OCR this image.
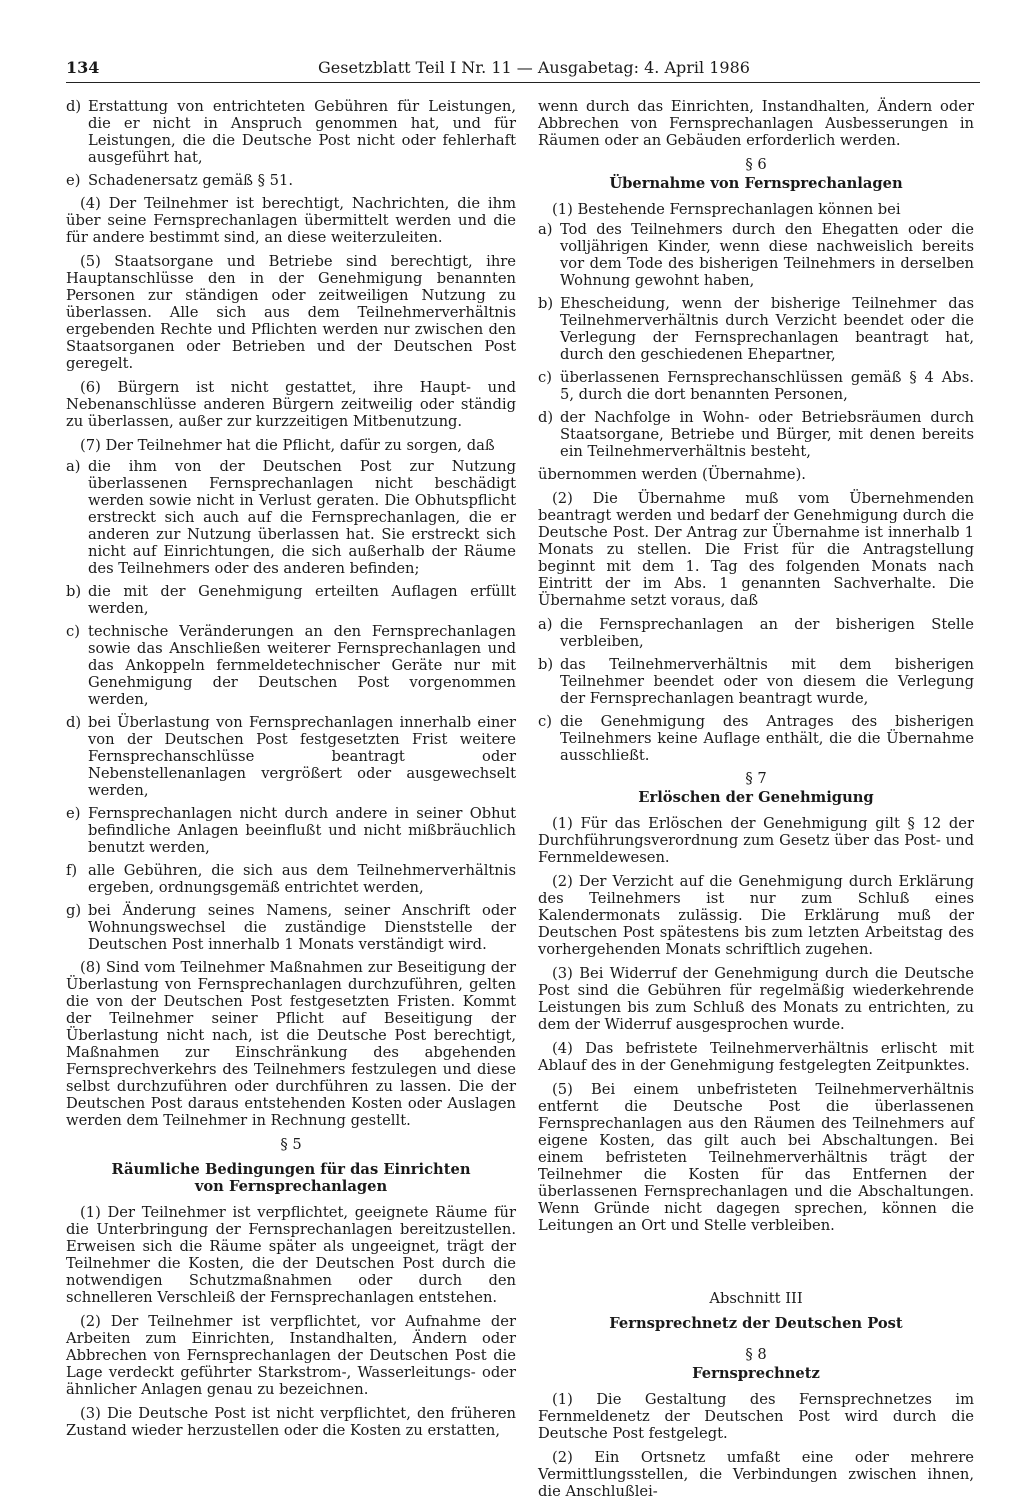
134	Gesetzblatt Teil I Nr. 11 — Ausgabetag: 4. April 1986

d) Erstattung von entrichteten Gebühren für Leistungen, die er nicht in Anspruch genommen hat, und für Leistungen, die die Deutsche Post nicht oder fehlerhaft ausgeführt hat,

e) Schadenersatz gemäß § 51.

(4) Der Teilnehmer ist berechtigt, Nachrichten, die ihm über seine Fernsprechanlagen übermittelt werden und die für andere bestimmt sind, an diese weiterzuleiten.

(5) Staatsorgane und Betriebe sind berechtigt, ihre Hauptanschlüsse den in der Genehmigung benannten Personen zur ständigen oder zeitweiligen Nutzung zu überlassen. Alle sich aus dem Teilnehmerverhältnis ergebenden Rechte und Pflichten werden nur zwischen den Staatsorganen oder Betrieben und der Deutschen Post geregelt.

(6) Bürgern ist nicht gestattet, ihre Haupt- und Nebenanschlüsse anderen Bürgern zeitweilig oder ständig zu überlassen, außer zur kurzzeitigen Mitbenutzung.

(7) Der Teilnehmer hat die Pflicht, dafür zu sorgen, daß

a) die ihm von der Deutschen Post zur Nutzung überlassenen Fernsprechanlagen nicht beschädigt werden sowie nicht in Verlust geraten. Die Obhutspflicht erstreckt sich auch auf die Fernsprechanlagen, die er anderen zur Nutzung überlassen hat. Sie erstreckt sich nicht auf Einrichtungen, die sich außerhalb der Räume des Teilnehmers oder des anderen befinden;

b) die mit der Genehmigung erteilten Auflagen erfüllt werden,

c) technische Veränderungen an den Fernsprechanlagen sowie das Anschließen weiterer Fernsprechanlagen und das Ankoppeln fernmeldetechnischer Geräte nur mit Genehmigung der Deutschen Post vorgenommen werden,

d) bei Überlastung von Fernsprechanlagen innerhalb einer von der Deutschen Post festgesetzten Frist weitere Fernsprechanschlüsse beantragt oder Nebenstellenanlagen vergrößert oder ausgewechselt werden,

e) Fernsprechanlagen nicht durch andere in seiner Obhut befindliche Anlagen beeinflußt und nicht mißbräuchlich benutzt werden,

f) alle Gebühren, die sich aus dem Teilnehmerverhältnis ergeben, ordnungsgemäß entrichtet werden,

g) bei Änderung seines Namens, seiner Anschrift oder Wohnungswechsel die zuständige Dienststelle der Deutschen Post innerhalb 1 Monats verständigt wird.

(8) Sind vom Teilnehmer Maßnahmen zur Beseitigung der Überlastung von Fernsprechanlagen durchzuführen, gelten die von der Deutschen Post festgesetzten Fristen. Kommt der Teilnehmer seiner Pflicht auf Beseitigung der Überlastung nicht nach, ist die Deutsche Post berechtigt, Maßnahmen zur Einschränkung des abgehenden Fernsprechverkehrs des Teilnehmers festzulegen und diese selbst durchzuführen oder durchführen zu lassen. Die der Deutschen Post daraus entstehenden Kosten oder Auslagen werden dem Teilnehmer in Rechnung gestellt.

§ 5

Räumliche Bedingungen für das Einrichten
von Fernsprechanlagen

(1) Der Teilnehmer ist verpflichtet, geeignete Räume für die Unterbringung der Fernsprechanlagen bereitzustellen. Erweisen sich die Räume später als ungeeignet, trägt der Teilnehmer die Kosten, die der Deutschen Post durch die notwendigen Schutzmaßnahmen oder durch den schnelleren Verschleiß der Fernsprechanlagen entstehen.

(2) Der Teilnehmer ist verpflichtet, vor Aufnahme der Arbeiten zum Einrichten, Instandhalten, Ändern oder Abbrechen von Fernsprechanlagen der Deutschen Post die Lage verdeckt geführter Starkstrom-, Wasserleitungs- oder ähnlicher Anlagen genau zu bezeichnen.

(3) Die Deutsche Post ist nicht verpflichtet, den früheren Zustand wieder herzustellen oder die Kosten zu erstatten,

wenn durch das Einrichten, Instandhalten, Ändern oder Abbrechen von Fernsprechanlagen Ausbesserungen in Räumen oder an Gebäuden erforderlich werden.

§ 6

Übernahme von Fernsprechanlagen

(1) Bestehende Fernsprechanlagen können bei

a) Tod des Teilnehmers durch den Ehegatten oder die volljährigen Kinder, wenn diese nachweislich bereits vor dem Tode des bisherigen Teilnehmers in derselben Wohnung gewohnt haben,

b) Ehescheidung, wenn der bisherige Teilnehmer das Teilnehmerverhältnis durch Verzicht beendet oder die Verlegung der Fernsprechanlagen beantragt hat, durch den geschiedenen Ehepartner,

c) überlassenen Fernsprechanschlüssen gemäß § 4 Abs. 5, durch die dort benannten Personen,

d) der Nachfolge in Wohn- oder Betriebsräumen durch Staatsorgane, Betriebe und Bürger, mit denen bereits ein Teilnehmerverhältnis besteht,

übernommen werden (Übernahme).

(2) Die Übernahme muß vom Übernehmenden beantragt werden und bedarf der Genehmigung durch die Deutsche Post. Der Antrag zur Übernahme ist innerhalb 1 Monats zu stellen. Die Frist für die Antragstellung beginnt mit dem 1. Tag des folgenden Monats nach Eintritt der im Abs. 1 genannten Sachverhalte. Die Übernahme setzt voraus, daß

a) die Fernsprechanlagen an der bisherigen Stelle verbleiben,

b) das Teilnehmerverhältnis mit dem bisherigen Teilnehmer beendet oder von diesem die Verlegung der Fernsprechanlagen beantragt wurde,

c) die Genehmigung des Antrages des bisherigen Teilnehmers keine Auflage enthält, die die Übernahme ausschließt.

§ 7

Erlöschen der Genehmigung

(1) Für das Erlöschen der Genehmigung gilt § 12 der Durchführungsverordnung zum Gesetz über das Post- und Fernmeldewesen.

(2) Der Verzicht auf die Genehmigung durch Erklärung des Teilnehmers ist nur zum Schluß eines Kalendermonats zulässig. Die Erklärung muß der Deutschen Post spätestens bis zum letzten Arbeitstag des vorhergehenden Monats schriftlich zugehen.

(3) Bei Widerruf der Genehmigung durch die Deutsche Post sind die Gebühren für regelmäßig wiederkehrende Leistungen bis zum Schluß des Monats zu entrichten, zu dem der Widerruf ausgesprochen wurde.

(4) Das befristete Teilnehmerverhältnis erlischt mit Ablauf des in der Genehmigung festgelegten Zeitpunktes.

(5) Bei einem unbefristeten Teilnehmerverhältnis entfernt die Deutsche Post die überlassenen Fernsprechanlagen aus den Räumen des Teilnehmers auf eigene Kosten, das gilt auch bei Abschaltungen. Bei einem befristeten Teilnehmerverhältnis trägt der Teilnehmer die Kosten für das Entfernen der überlassenen Fernsprechanlagen und die Abschaltungen. Wenn Gründe nicht dagegen sprechen, können die Leitungen an Ort und Stelle verbleiben.

Abschnitt III

Fernsprechnetz der Deutschen Post

§ 8

Fernsprechnetz

(1) Die Gestaltung des Fernsprechnetzes im Fernmeldenetz der Deutschen Post wird durch die Deutsche Post festgelegt.

(2) Ein Ortsnetz umfaßt eine oder mehrere Vermittlungsstellen, die Verbindungen zwischen ihnen, die Anschlußlei-
